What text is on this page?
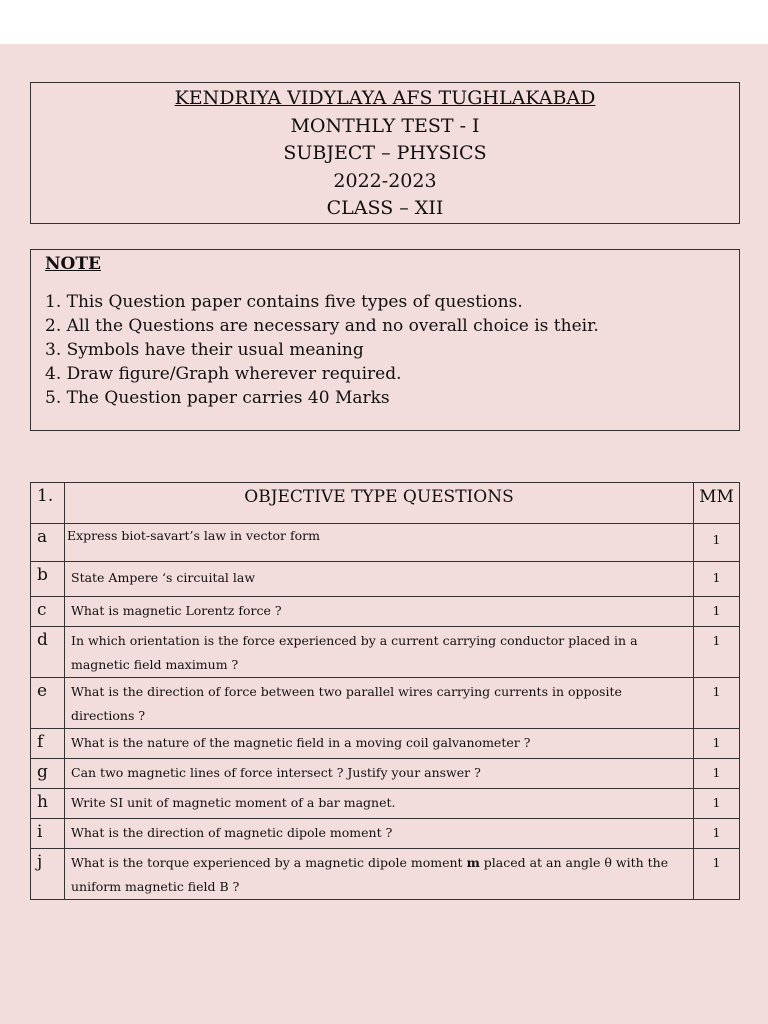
KENDRIYA VIDYLAYA AFS TUGHLAKABAD
MONTHLY TEST - I
SUBJECT – PHYSICS
2022-2023
CLASS – XII
NOTE
1. This Question paper contains five types of questions.
2. All the Questions are necessary and no overall choice is their.
3. Symbols have their usual meaning
4. Draw figure/Graph wherever required.
5. The Question paper carries 40 Marks
1.	OBJECTIVE TYPE QUESTIONS	MM
a	Express biot-savart’s law in vector form	1
b	State Ampere ‘s circuital law	1
c	What is magnetic Lorentz force ?	1
d	In which orientation is the force experienced by a current carrying conductor placed in a magnetic field maximum ?	1
e	What is the direction of force between two parallel wires carrying currents in opposite directions ?	1
f	What is the nature of the magnetic field in a moving coil galvanometer ?	1
g	Can two magnetic lines of force intersect ? Justify your answer ?	1
h	Write SI unit of magnetic moment of a bar magnet.	1
i	What is the direction of magnetic dipole moment ?	1
j	What is the torque experienced by a magnetic dipole moment m placed at an angle θ with the uniform magnetic field B ?	1
